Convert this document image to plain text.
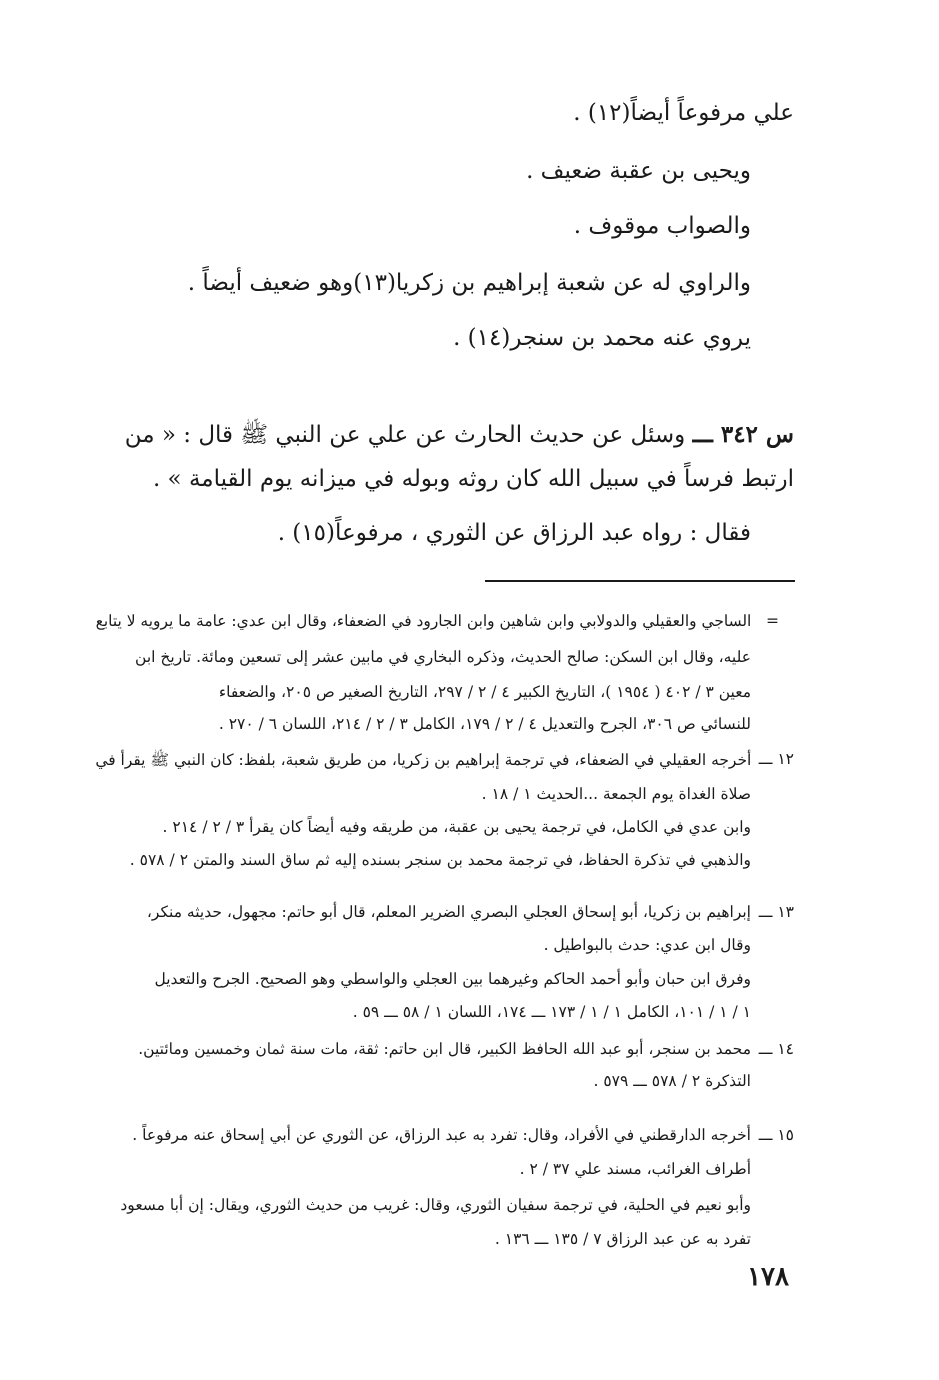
علي مرفوعاً أيضاً(١٢) .
ويحيى بن عقبة ضعيف .
والصواب موقوف .
والراوي له عن شعبة إبراهيم بن زكريا(١٣)وهو ضعيف أيضاً .
يروي عنه محمد بن سنجر(١٤) .
س ٣٤٢ ـــ وسئل عن حديث الحارث عن علي عن النبي ﷺ قال : « من
ارتبط فرساً في سبيل الله كان روثه وبوله في ميزانه يوم القيامة » .
فقال : رواه عبد الرزاق عن الثوري ، مرفوعاً(١٥) .
=
الساجي والعقيلي والدولابي وابن شاهين وابن الجارود في الضعفاء، وقال ابن عدي: عامة ما يرويه لا يتابع
عليه، وقال ابن السكن: صالح الحديث، وذكره البخاري في مابين عشر إلى تسعين ومائة. تاريخ ابن
معين ٣ / ٤٠٢ ( ١٩٥٤ )، التاريخ الكبير ٤ / ٢ / ٢٩٧، التاريخ الصغير ص ٢٠٥، والضعفاء
للنسائي ص ٣٠٦، الجرح والتعديل ٤ / ٢ / ١٧٩، الكامل ٣ / ٢ / ٢١٤، اللسان ٦ / ٢٧٠ .
١٢ ـــ
أخرجه العقيلي في الضعفاء، في ترجمة إبراهيم بن زكريا، من طريق شعبة، بلفظ: كان النبي ﷺ يقرأ في
صلاة الغداة يوم الجمعة ...الحديث ١ / ١٨ .
وابن عدي في الكامل، في ترجمة يحيى بن عقبة، من طريقه وفيه أيضاً كان يقرأ ٣ / ٢ / ٢١٤ .
والذهبي في تذكرة الحفاظ، في ترجمة محمد بن سنجر بسنده إليه ثم ساق السند والمتن ٢ / ٥٧٨ .
١٣ ـــ
إبراهيم بن زكريا، أبو إسحاق العجلي البصري الضرير المعلم، قال أبو حاتم: مجهول، حديثه منكر،
وقال ابن عدي: حدث بالبواطيل .
وفرق ابن حبان وأبو أحمد الحاكم وغيرهما بين العجلي والواسطي وهو الصحيح. الجرح والتعديل
١ / ١ / ١٠١، الكامل ١ / ١ / ١٧٣ ـــ ١٧٤، اللسان ١ / ٥٨ ـــ ٥٩ .
١٤ ـــ
محمد بن سنجر، أبو عبد الله الحافظ الكبير، قال ابن حاتم: ثقة، مات سنة ثمان وخمسين ومائتين.
التذكرة ٢ / ٥٧٨ ـــ ٥٧٩ .
١٥ ـــ
أخرجه الدارقطني في الأفراد، وقال: تفرد به عبد الرزاق، عن الثوري عن أبي إسحاق عنه مرفوعاً .
أطراف الغرائب، مسند علي ٣٧ / ٢ .
وأبو نعيم في الحلية، في ترجمة سفيان الثوري، وقال: غريب من حديث الثوري، ويقال: إن أبا مسعود
تفرد به عن عبد الرزاق ٧ / ١٣٥ ـــ ١٣٦ .
١٧٨
